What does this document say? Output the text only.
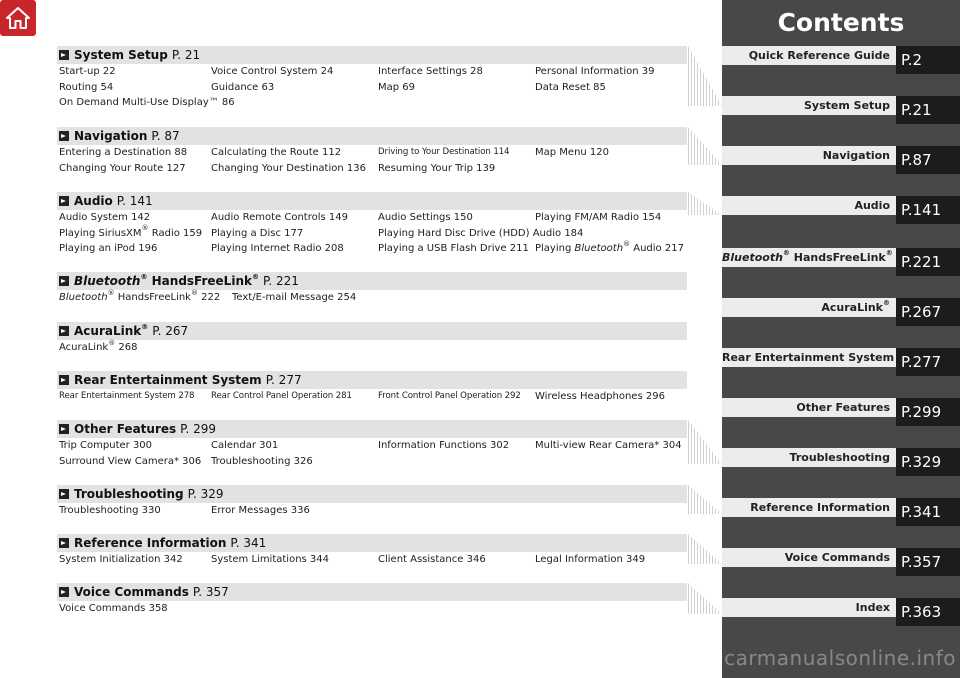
System Setup P. 21
Start-up 22	Voice Control System 24	Interface Settings 28	Personal Information 39
Routing 54	Guidance 63	Map 69	Data Reset 85
On Demand Multi-Use Display™ 86
Navigation P. 87
Entering a Destination 88 Calculating the Route 112	Driving to Your Destination 114	Map Menu 120
Changing Your Route 127	Changing Your Destination 136 Resuming Your Trip 139
Audio P. 141
Audio System 142	Audio Remote Controls 149	Audio Settings 150	Playing FM/AM Radio 154
Playing SiriusXM® Radio 159 Playing a Disc 177	Playing Hard Disc Drive (HDD) Audio 184
Playing an iPod 196	Playing Internet Radio 208	Playing a USB Flash Drive 211 Playing Bluetooth® Audio 217
Bluetooth® HandsFreeLink® P. 221
Bluetooth® HandsFreeLink® 222 Text/E-mail Message 254
AcuraLink® P. 267
AcuraLink® 268
Rear Entertainment System P. 277
Rear Entertainment System 278 Rear Control Panel Operation 281	Front Control Panel Operation 292 Wireless Headphones 296
Other Features P. 299
Trip Computer 300	Calendar 301	Information Functions 302	Multi-view Rear Camera* 304
Surround View Camera* 306 Troubleshooting 326
Troubleshooting P. 329
Troubleshooting 330	Error Messages 336
Reference Information P. 341
System Initialization 342	System Limitations 344	Client Assistance 346	Legal Information 349
Voice Commands P. 357
Voice Commands 358
Contents
Quick Reference Guide P.2
System Setup P.21
Navigation P.87
Audio P.141
Bluetooth® HandsFreeLink® P.221
AcuraLink® P.267
Rear Entertainment System P.277
Other Features P.299
Troubleshooting P.329
Reference Information P.341
Voice Commands P.357
Index P.363
carmanualsonline.info
